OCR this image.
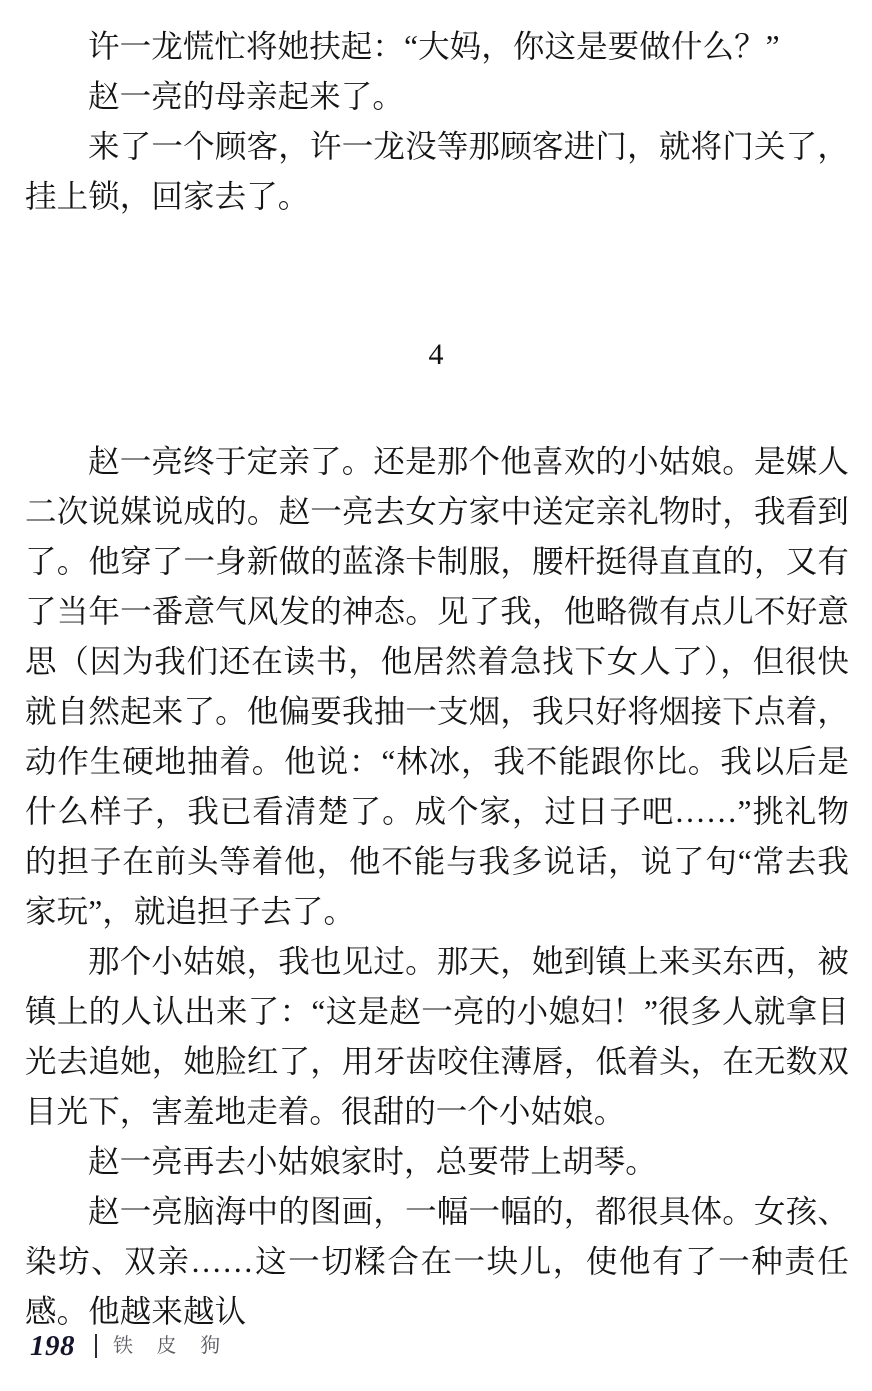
许一龙慌忙将她扶起：“大妈，你这是要做什么？”

赵一亮的母亲起来了。

来了一个顾客，许一龙没等那顾客进门，就将门关了，挂上锁，回家去了。

4

赵一亮终于定亲了。还是那个他喜欢的小姑娘。是媒人二次说媒说成的。赵一亮去女方家中送定亲礼物时，我看到了。他穿了一身新做的蓝涤卡制服，腰杆挺得直直的，又有了当年一番意气风发的神态。见了我，他略微有点儿不好意思（因为我们还在读书，他居然着急找下女人了），但很快就自然起来了。他偏要我抽一支烟，我只好将烟接下点着，动作生硬地抽着。他说：“林冰，我不能跟你比。我以后是什么样子，我已看清楚了。成个家，过日子吧……”挑礼物的担子在前头等着他，他不能与我多说话，说了句“常去我家玩”，就追担子去了。

那个小姑娘，我也见过。那天，她到镇上来买东西，被镇上的人认出来了：“这是赵一亮的小媳妇！”很多人就拿目光去追她，她脸红了，用牙齿咬住薄唇，低着头，在无数双目光下，害羞地走着。很甜的一个小姑娘。

赵一亮再去小姑娘家时，总要带上胡琴。

赵一亮脑海中的图画，一幅一幅的，都很具体。女孩、染坊、双亲……这一切糅合在一块儿，使他有了一种责任感。他越来越认

198 铁 皮 狗
